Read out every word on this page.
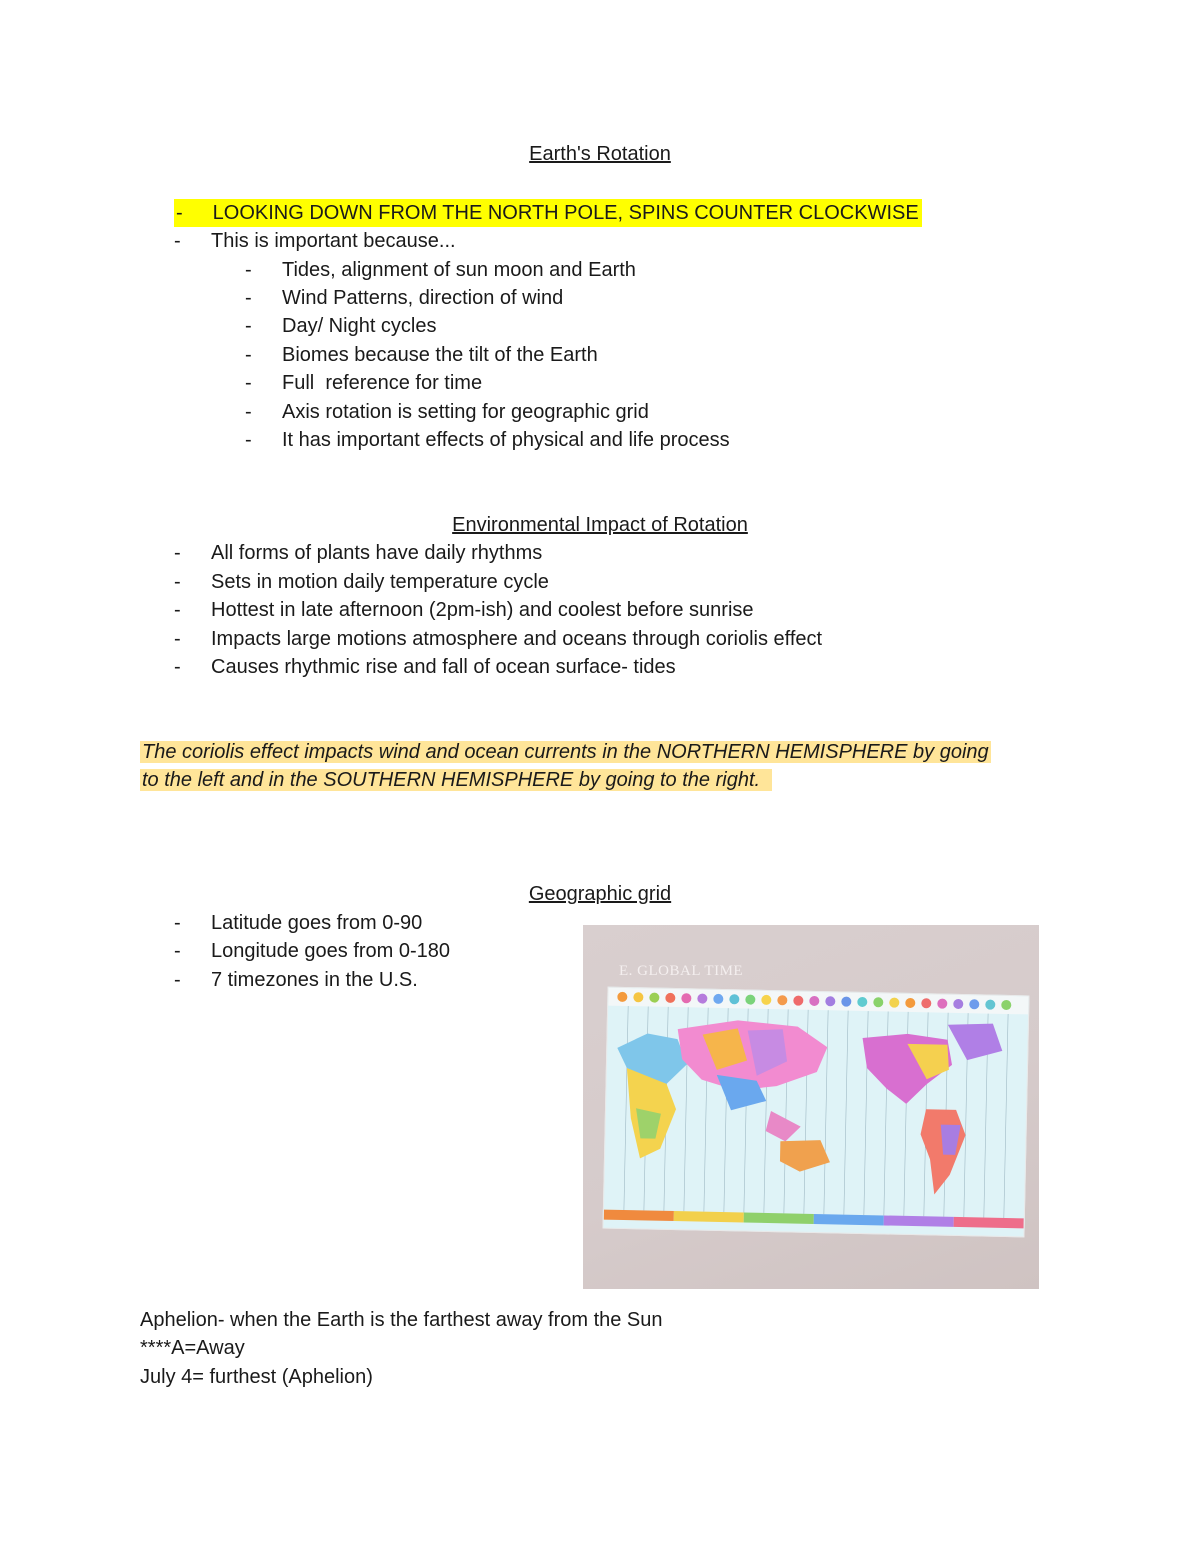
Earth's Rotation
- LOOKING DOWN FROM THE NORTH POLE, SPINS COUNTER CLOCKWISE
-	This is important because...
- Tides, alignment of sun moon and Earth
- Wind Patterns, direction of wind
- Day/ Night cycles
- Biomes because the tilt of the Earth
- Full  reference for time
- Axis rotation is setting for geographic grid
- It has important effects of physical and life process
Environmental Impact of Rotation
- All forms of plants have daily rhythms
- Sets in motion daily temperature cycle
- Hottest in late afternoon (2pm-ish) and coolest before sunrise
- Impacts large motions atmosphere and oceans through coriolis effect
- Causes rhythmic rise and fall of ocean surface- tides
The coriolis effect impacts wind and ocean currents in the NORTHERN HEMISPHERE by going
to the left and in the SOUTHERN HEMISPHERE by going to the right.
Geographic grid
- Latitude goes from 0-90
- Longitude goes from 0-180
- 7 timezones in the U.S.	E. GLOBAL TIME
Aphelion- when the Earth is the farthest away from the Sun
****A=Away
July 4= furthest (Aphelion)
